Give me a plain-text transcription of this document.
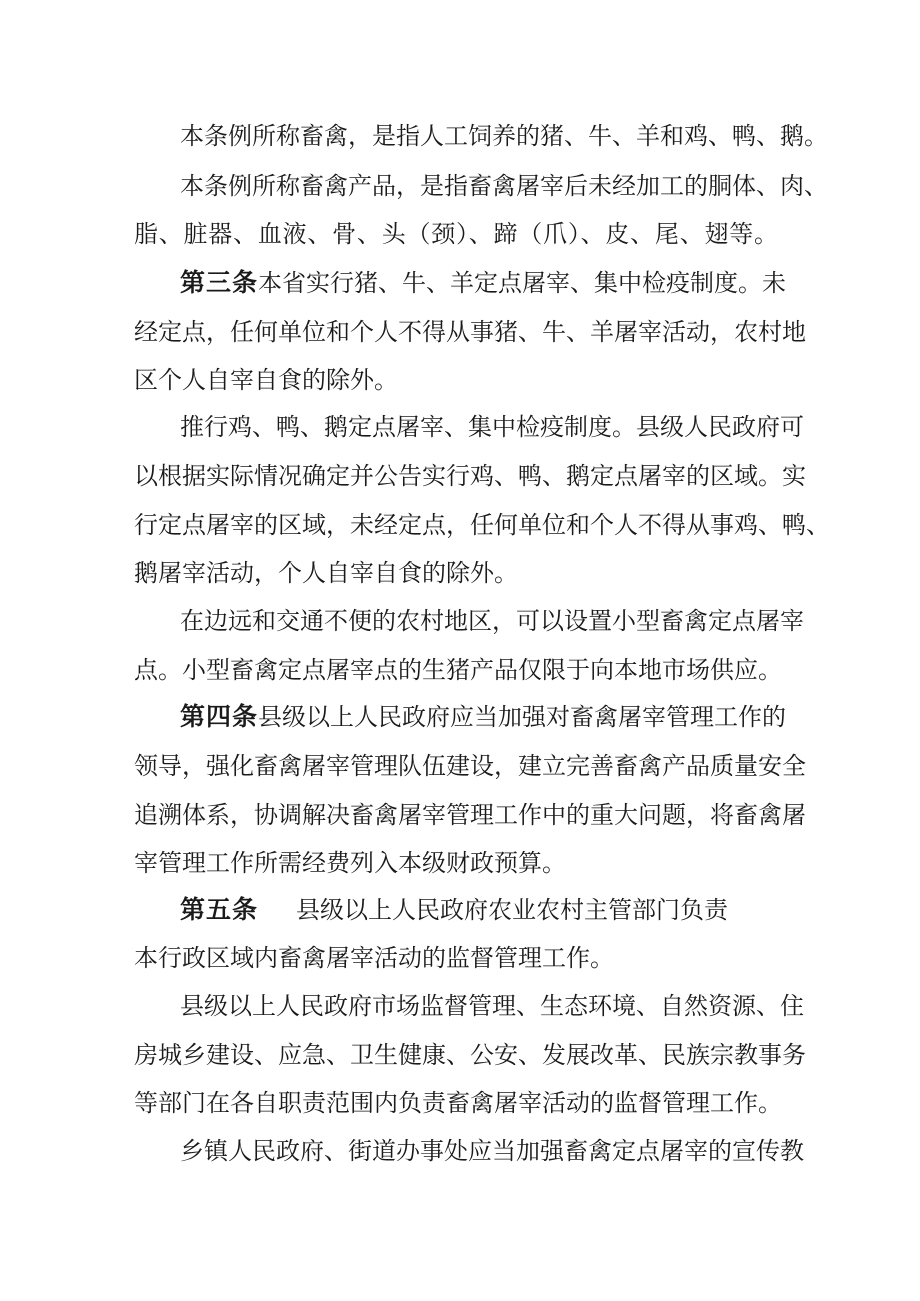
本条例所称畜禽，是指人工饲养的猪、牛、羊和鸡、鸭、鹅。
本条例所称畜禽产品，是指畜禽屠宰后未经加工的胴体、肉、
脂、脏器、血液、骨、头（颈）、蹄（爪）、皮、尾、翅等。
第三条本省实行猪、牛、羊定点屠宰、集中检疫制度。未
经定点，任何单位和个人不得从事猪、牛、羊屠宰活动，农村地
区个人自宰自食的除外。
推行鸡、鸭、鹅定点屠宰、集中检疫制度。县级人民政府可
以根据实际情况确定并公告实行鸡、鸭、鹅定点屠宰的区域。实
行定点屠宰的区域，未经定点，任何单位和个人不得从事鸡、鸭、
鹅屠宰活动，个人自宰自食的除外。
在边远和交通不便的农村地区，可以设置小型畜禽定点屠宰
点。小型畜禽定点屠宰点的生猪产品仅限于向本地市场供应。
第四条县级以上人民政府应当加强对畜禽屠宰管理工作的
领导，强化畜禽屠宰管理队伍建设，建立完善畜禽产品质量安全
追溯体系，协调解决畜禽屠宰管理工作中的重大问题，将畜禽屠
宰管理工作所需经费列入本级财政预算。
第五条 县级以上人民政府农业农村主管部门负责
本行政区域内畜禽屠宰活动的监督管理工作。
县级以上人民政府市场监督管理、生态环境、自然资源、住
房城乡建设、应急、卫生健康、公安、发展改革、民族宗教事务
等部门在各自职责范围内负责畜禽屠宰活动的监督管理工作。
乡镇人民政府、街道办事处应当加强畜禽定点屠宰的宣传教
